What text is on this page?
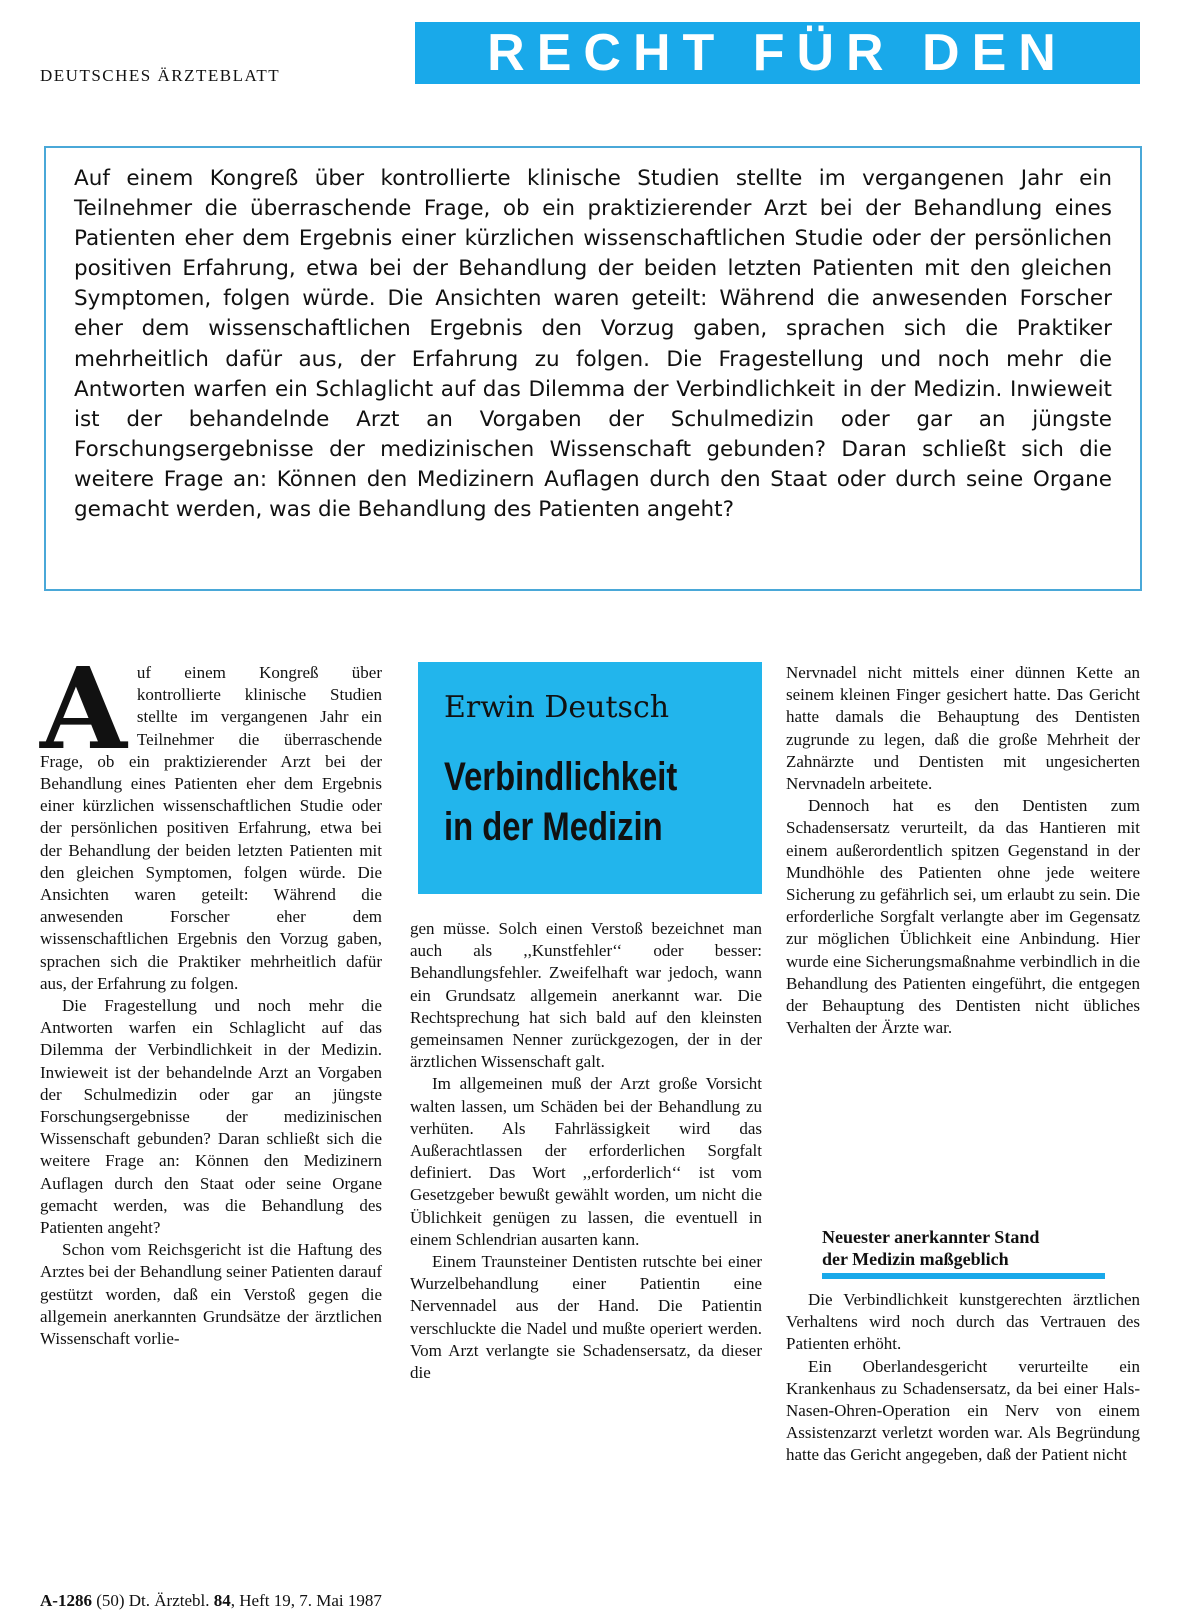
DEUTSCHES ÄRZTEBLATT	RECHT FÜR DEN ARZT
Auf einem Kongreß über kontrollierte klinische Studien stellte im vergangenen Jahr ein Teilnehmer die überraschende Frage, ob ein praktizierender Arzt bei der Behandlung eines Patienten eher dem Ergebnis einer kürzlichen wissenschaftlichen Studie oder der persönlichen positiven Erfahrung, etwa bei der Behandlung der beiden letzten Patienten mit den gleichen Symptomen, folgen würde. Die Ansichten waren geteilt: Während die anwesenden Forscher eher dem wissenschaftlichen Ergebnis den Vorzug gaben, sprachen sich die Praktiker mehrheitlich dafür aus, der Erfahrung zu folgen. Die Fragestellung und noch mehr die Antworten warfen ein Schlaglicht auf das Dilemma der Verbindlichkeit in der Medizin. Inwieweit ist der behandelnde Arzt an Vorgaben der Schulmedizin oder gar an jüngste Forschungsergebnisse der medizinischen Wissenschaft gebunden? Daran schließt sich die weitere Frage an: Können den Medizinern Auflagen durch den Staat oder durch seine Organe gemacht werden, was die Behandlung des Patienten angeht?

Auf einem Kongreß über kontrollierte klinische Studien stellte im vergangenen Jahr ein Teilnehmer die überraschende Frage, ob ein praktizierender Arzt bei der Behandlung eines Patienten eher dem Ergebnis einer kürzlichen wissenschaftlichen Studie oder der persönlichen positiven Erfahrung, etwa bei der Behandlung der beiden letzten Patienten mit den gleichen Symptomen, folgen würde. Die Ansichten waren geteilt: Während die anwesenden Forscher eher dem wissenschaftlichen Ergebnis den Vorzug gaben, sprachen sich die Praktiker mehrheitlich dafür aus, der Erfahrung zu folgen.

Die Fragestellung und noch mehr die Antworten warfen ein Schlaglicht auf das Dilemma der Verbindlichkeit in der Medizin. Inwieweit ist der behandelnde Arzt an Vorgaben der Schulmedizin oder gar an jüngste Forschungsergebnisse der medizinischen Wissenschaft gebunden? Daran schließt sich die weitere Frage an: Können den Medizinern Auflagen durch den Staat oder seine Organe gemacht werden, was die Behandlung des Patienten angeht?

Schon vom Reichsgericht ist die Haftung des Arztes bei der Behandlung seiner Patienten darauf gestützt worden, daß ein Verstoß gegen die allgemein anerkannten Grundsätze der ärztlichen Wissenschaft vorlie-

Erwin Deutsch
Verbindlichkeit
in der Medizin

gen müsse. Solch einen Verstoß bezeichnet man auch als ,,Kunstfehler‘‘ oder besser: Behandlungsfehler. Zweifelhaft war jedoch, wann ein Grundsatz allgemein anerkannt war. Die Rechtsprechung hat sich bald auf den kleinsten gemeinsamen Nenner zurückgezogen, der in der ärztlichen Wissenschaft galt.

Im allgemeinen muß der Arzt große Vorsicht walten lassen, um Schäden bei der Behandlung zu verhüten. Als Fahrlässigkeit wird das Außerachtlassen der erforderlichen Sorgfalt definiert. Das Wort ,,erforderlich‘‘ ist vom Gesetzgeber bewußt gewählt worden, um nicht die Üblichkeit genügen zu lassen, die eventuell in einem Schlendrian ausarten kann.

Einem Traunsteiner Dentisten rutschte bei einer Wurzelbehandlung einer Patientin eine Nervennadel aus der Hand. Die Patientin verschluckte die Nadel und mußte operiert werden. Vom Arzt verlangte sie Schadensersatz, da dieser die

Nervnadel nicht mittels einer dünnen Kette an seinem kleinen Finger gesichert hatte. Das Gericht hatte damals die Behauptung des Dentisten zugrunde zu legen, daß die große Mehrheit der Zahnärzte und Dentisten mit ungesicherten Nervnadeln arbeitete.

Dennoch hat es den Dentisten zum Schadensersatz verurteilt, da das Hantieren mit einem außerordentlich spitzen Gegenstand in der Mundhöhle des Patienten ohne jede weitere Sicherung zu gefährlich sei, um erlaubt zu sein. Die erforderliche Sorgfalt verlangte aber im Gegensatz zur möglichen Üblichkeit eine Anbindung. Hier wurde eine Sicherungsmaßnahme verbindlich in die Behandlung des Patienten eingeführt, die entgegen der Behauptung des Dentisten nicht übliches Verhalten der Ärzte war.

Neuester anerkannter Stand
der Medizin maßgeblich

Die Verbindlichkeit kunstgerechten ärztlichen Verhaltens wird noch durch das Vertrauen des Patienten erhöht.

Ein Oberlandesgericht verurteilte ein Krankenhaus zu Schadensersatz, da bei einer Hals-Nasen-Ohren-Operation ein Nerv von einem Assistenzarzt verletzt worden war. Als Begründung hatte das Gericht angegeben, daß der Patient nicht

A-1286 (50) Dt. Ärztebl. 84, Heft 19, 7. Mai 1987
